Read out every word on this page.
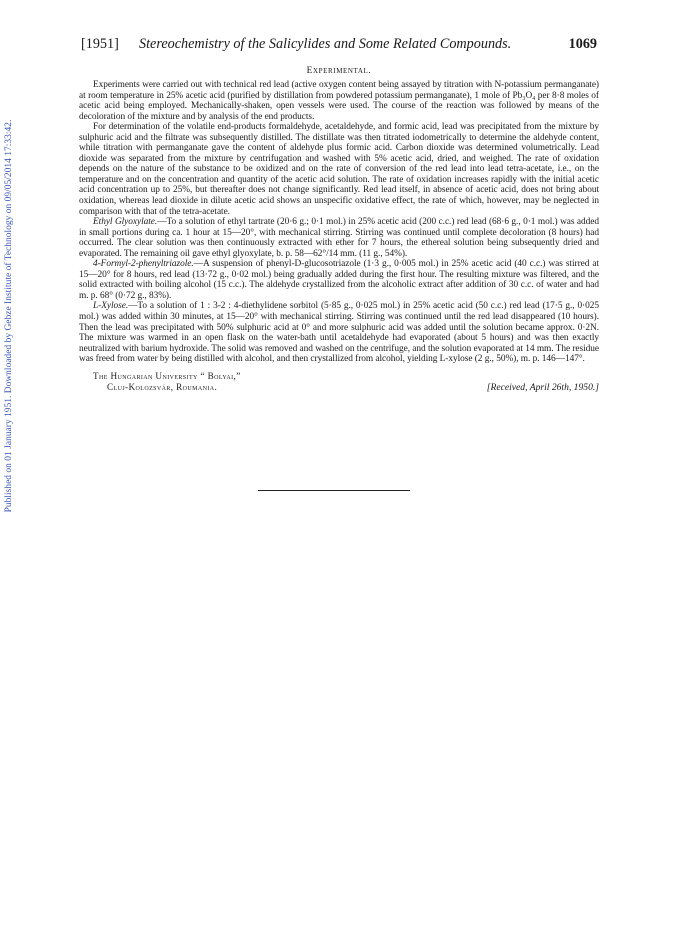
Published on 01 January 1951. Downloaded by Gebze Institute of Technology on 09/05/2014 17:33:42.
[1951] Stereochemistry of the Salicylides and Some Related Compounds.	1069
Experimental.

Experiments were carried out with technical red lead (active oxygen content being assayed by titration with N-potassium permanganate) at room temperature in 25% acetic acid (purified by distillation from powdered potassium permanganate), 1 mole of Pb₃O₄ per 8·8 moles of acetic acid being employed. Mechanically-shaken, open vessels were used. The course of the reaction was followed by means of the decoloration of the mixture and by analysis of the end products.

For determination of the volatile end-products formaldehyde, acetaldehyde, and formic acid, lead was precipitated from the mixture by sulphuric acid and the filtrate was subsequently distilled. The distillate was then titrated iodometrically to determine the aldehyde content, while titration with permanganate gave the content of aldehyde plus formic acid. Carbon dioxide was determined volumetrically. Lead dioxide was separated from the mixture by centrifugation and washed with 5% acetic acid, dried, and weighed. The rate of oxidation depends on the nature of the substance to be oxidized and on the rate of conversion of the red lead into lead tetra-acetate, i.e., on the temperature and on the concentration and quantity of the acetic acid solution. The rate of oxidation increases rapidly with the initial acetic acid concentration up to 25%, but thereafter does not change significantly. Red lead itself, in absence of acetic acid, does not bring about oxidation, whereas lead dioxide in dilute acetic acid shows an unspecific oxidative effect, the rate of which, however, may be neglected in comparison with that of the tetra-acetate.

Ethyl Glyoxylate.—To a solution of ethyl tartrate (20·6 g.; 0·1 mol.) in 25% acetic acid (200 c.c.) red lead (68·6 g., 0·1 mol.) was added in small portions during ca. 1 hour at 15—20°, with mechanical stirring. Stirring was continued until complete decoloration (8 hours) had occurred. The clear solution was then continuously extracted with ether for 7 hours, the ethereal solution being subsequently dried and evaporated. The remaining oil gave ethyl glyoxylate, b. p. 58—62°/14 mm. (11 g., 54%).

4-Formyl-2-phenyltriazole.—A suspension of phenyl-D-glucosotriazole (1·3 g., 0·005 mol.) in 25% acetic acid (40 c.c.) was stirred at 15—20° for 8 hours, red lead (13·72 g., 0·02 mol.) being gradually added during the first hour. The resulting mixture was filtered, and the solid extracted with boiling alcohol (15 c.c.). The aldehyde crystallized from the alcoholic extract after addition of 30 c.c. of water and had m. p. 68° (0·72 g., 83%).

L-Xylose.—To a solution of 1 : 3-2 : 4-diethylidene sorbitol (5·85 g., 0·025 mol.) in 25% acetic acid (50 c.c.) red lead (17·5 g., 0·025 mol.) was added within 30 minutes, at 15—20° with mechanical stirring. Stirring was continued until the red lead disappeared (10 hours). Then the lead was precipitated with 50% sulphuric acid at 0° and more sulphuric acid was added until the solution became approx. 0·2N. The mixture was warmed in an open flask on the water-bath until acetaldehyde had evaporated (about 5 hours) and was then exactly neutralized with barium hydroxide. The solid was removed and washed on the centrifuge, and the solution evaporated at 14 mm. The residue was freed from water by being distilled with alcohol, and then crystallized from alcohol, yielding L-xylose (2 g., 50%), m. p. 146—147°.

The Hungarian University “ Bolyai,”
Cluj-Kolozsvár, Roumania.	[Received, April 26th, 1950.]
